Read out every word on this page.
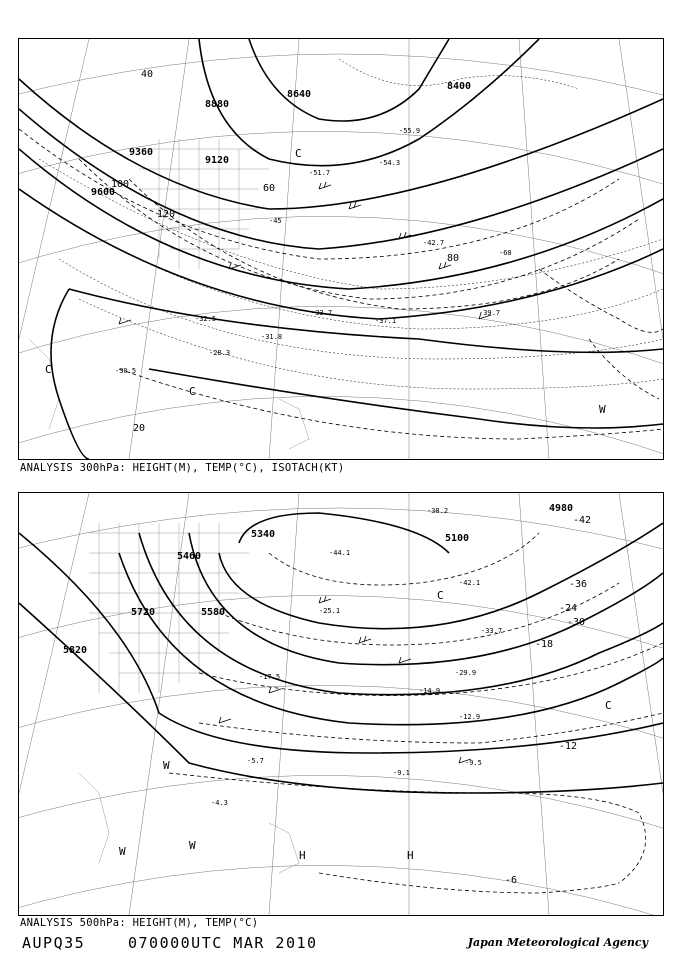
8400
8640
8880
9120
9360
9600
20
40
60
80
100
120
-60
-55.9
-54.3
-51.7
-45
-42.7
-39.7
-37.1
-33.7
-32.5
-31.8
-30.5
-28.3
C
C
C
W
ANALYSIS 300hPa: HEIGHT(M), TEMP(°C), ISOTACH(KT)
4980
5100
5340
5460
5580
5720
5820
-42
-36
-30
-24
-18
-12
-6
-44.1
-42.1
-38.2
-33.7
-29.9
-25.1
-17.5
-14.9
-12.9
-9.5
-9.1
-5.7
-4.3
C
C
W
W	W
H	H
ANALYSIS 500hPa: HEIGHT(M), TEMP(°C)
AUPQ35	070000UTC MAR 2010	Japan Meteorological Agency
